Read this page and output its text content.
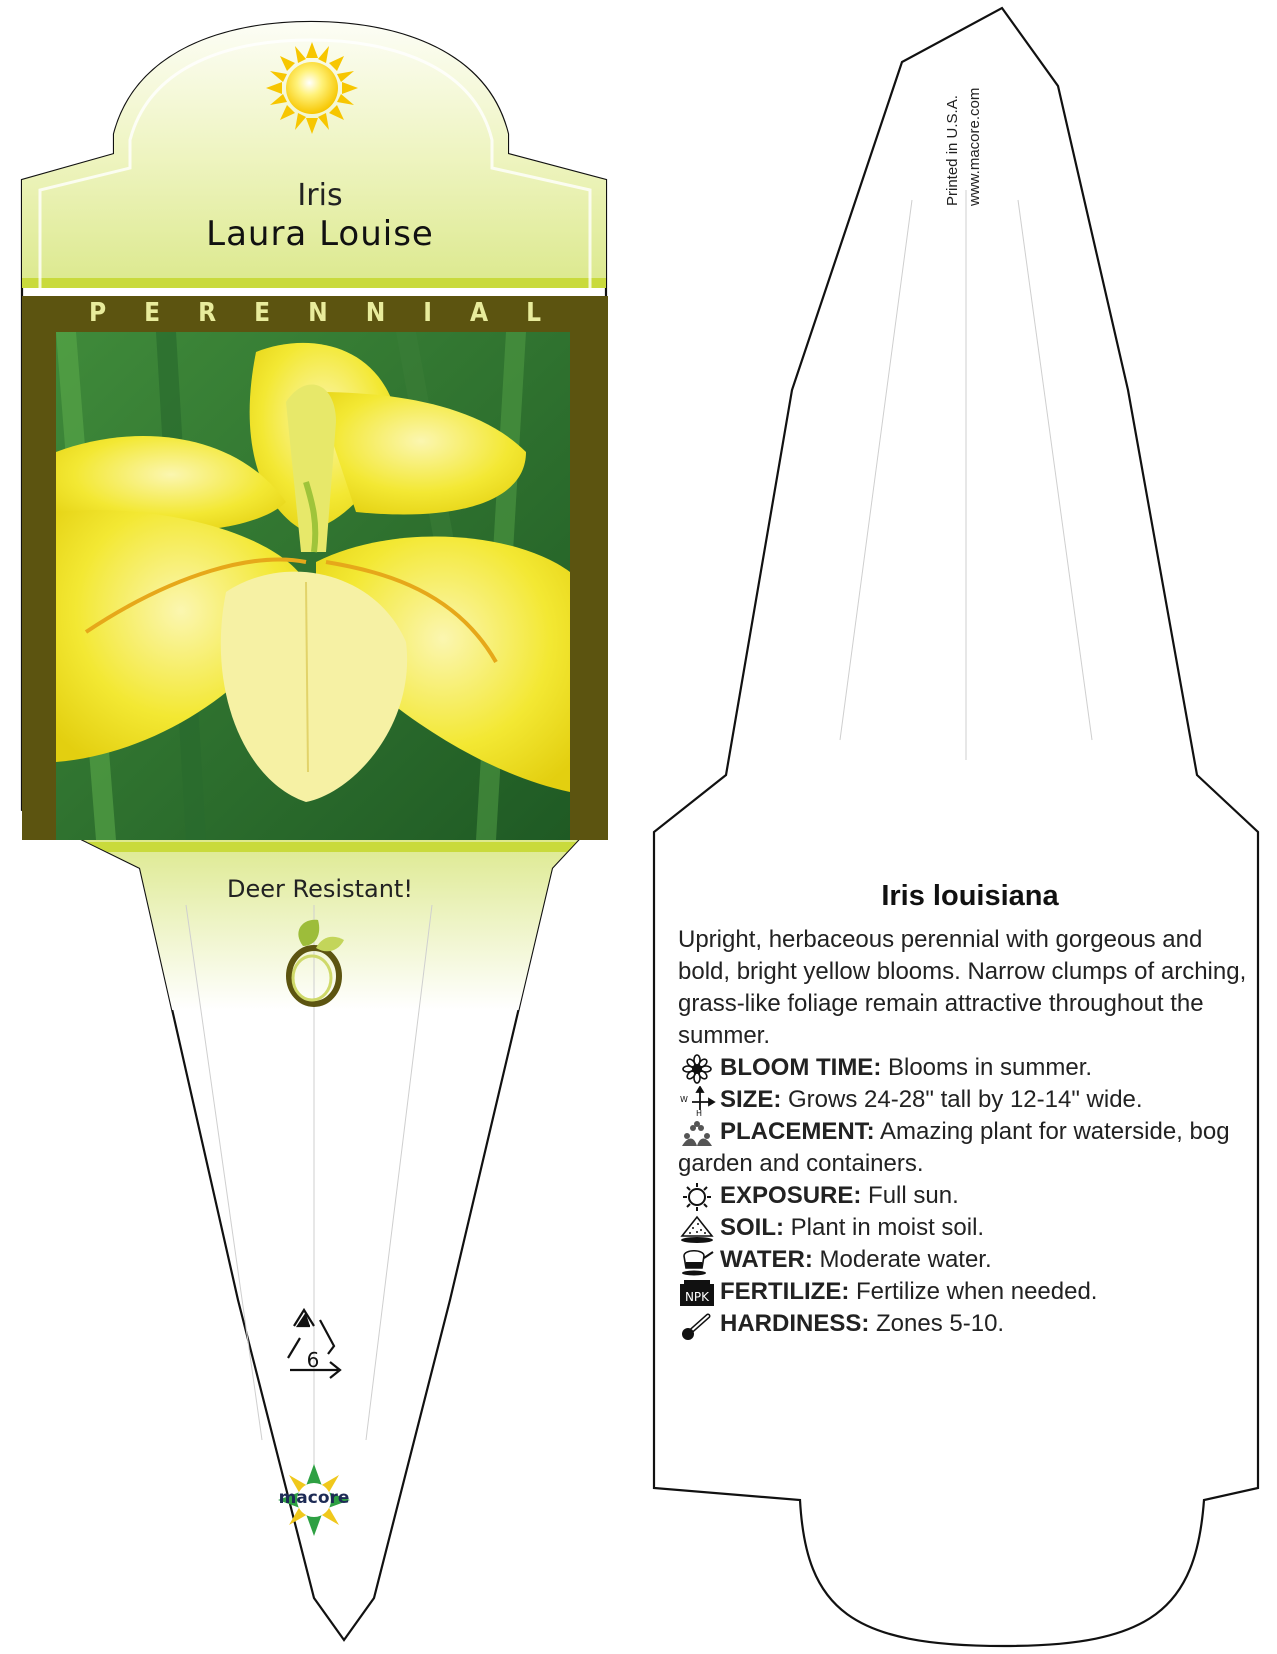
Iris
Laura Louise
PERENNIAL
Deer Resistant!
6
macore
Printed in U.S.A. www.macore.com
Iris louisiana

Upright, herbaceous perennial with gorgeous and bold, bright yellow blooms. Narrow clumps of arching, grass-like foliage remain attractive throughout the summer.

BLOOM TIME: Blooms in summer.
W
H
SIZE: Grows 24-28" tall by 12-14" wide.
PLACEMENT: Amazing plant for waterside, bog garden and containers.
EXPOSURE: Full sun.
SOIL: Plant in moist soil.
WATER: Moderate water.
NPK FERTILIZE: Fertilize when needed.
HARDINESS: Zones 5-10.
